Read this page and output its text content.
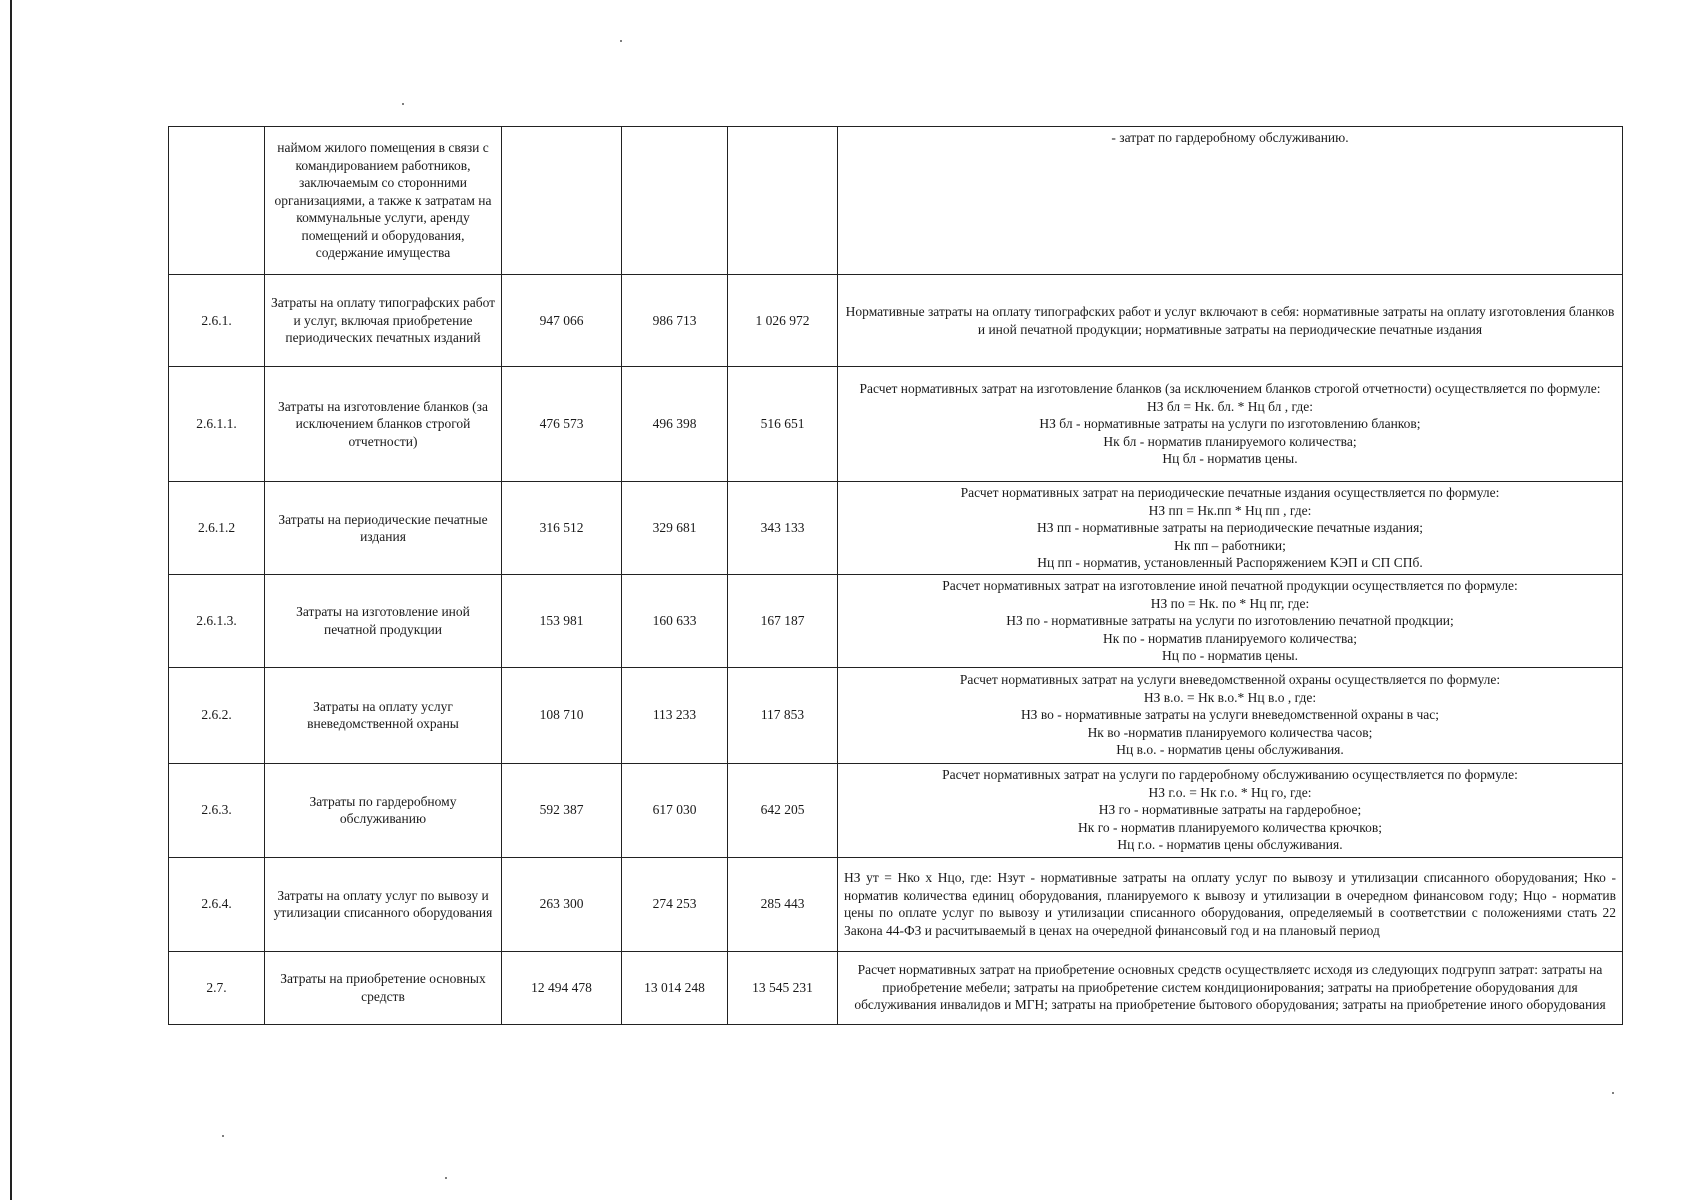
	наймом жилого помещения в связи с командированием работников, заключаемым со сторонними организациями, а также к затратам на коммунальные услуги, аренду помещений и оборудования, содержание имущества				- затрат по гардеробному обслуживанию.

2.6.1.	Затраты на оплату типографских работ и услуг, включая приобретение периодических печатных изданий	947 066	986 713	1 026 972	Нормативные затраты на оплату типографских работ и услуг включают в себя: нормативные затраты на оплату изготовления бланков и иной печатной продукции; нормативные затраты на периодические печатные издания

2.6.1.1.	Затраты на изготовление бланков (за исключением бланков строгой отчетности)	476 573	496 398	516 651	Расчет нормативных затрат на изготовление бланков (за исключением бланков строгой отчетности) осуществляется по формуле:
НЗ бл = Нк. бл. * Нц бл , где:
НЗ бл - нормативные затраты на услуги по изготовлению бланков;
Нк бл - норматив планируемого количества;
Нц бл - норматив цены.

2.6.1.2	Затраты на периодические печатные издания	316 512	329 681	343 133	Расчет нормативных затрат на периодические печатные издания осуществляется по формуле:
НЗ пп = Нк.пп * Нц пп , где:
НЗ пп - нормативные затраты на периодические печатные издания;
Нк пп – работники;
Нц пп - норматив, установленный Распоряжением КЭП и СП СПб.

2.6.1.3.	Затраты на изготовление иной печатной продукции	153 981	160 633	167 187	Расчет нормативных затрат на изготовление иной печатной продукции осуществляется по формуле:
НЗ по = Нк. по * Нц пг, где:
НЗ по - нормативные затраты на услуги по изготовлению печатной продкции;
Нк по - норматив планируемого количества;
Нц по - норматив цены.

2.6.2.	Затраты на оплату услуг вневедомственной охраны	108 710	113 233	117 853	Расчет нормативных затрат на услуги вневедомственной охраны осуществляется по формуле:
НЗ в.о. = Нк в.о.* Нц в.о , где:
НЗ во - нормативные затраты на услуги вневедомственной охраны в час;
Нк во -норматив планируемого количества часов;
Нц в.о. - норматив цены обслуживания.

2.6.3.	Затраты по гардеробному обслуживанию	592 387	617 030	642 205	Расчет нормативных затрат на услуги по гардеробному обслуживанию осуществляется по формуле:
НЗ г.о. = Нк г.о. * Нц го, где:
НЗ го - нормативные затраты на гардеробное;
Нк го - норматив планируемого количества крючков;
Нц г.о. - норматив цены обслуживания.

2.6.4.	Затраты на оплату услуг по вывозу и утилизации списанного оборудования	263 300	274 253	285 443	НЗ ут = Нко х Нцо, где: Нзут - нормативные затраты на оплату услуг по вывозу и утилизации списанного оборудования; Нко - норматив количества единиц оборудования, планируемого к вывозу и утилизации в очередном финансовом году; Нцо - норматив цены по оплате услуг по вывозу и утилизации списанного оборудования, определяемый в соответствии с положениями стать 22 Закона 44-ФЗ и расчитываемый в ценах на очередной финансовый год и на плановый период

2.7.	Затраты на приобретение основных средств	12 494 478	13 014 248	13 545 231	Расчет нормативных затрат на приобретение основных средств осуществляетс исходя из следующих подгрупп затрат: затраты на приобретение мебели; затраты на приобретение систем кондиционирования; затраты на приобретение оборудования для обслуживания инвалидов и МГН; затраты на приобретение бытового оборудования; затраты на приобретение иного оборудования
